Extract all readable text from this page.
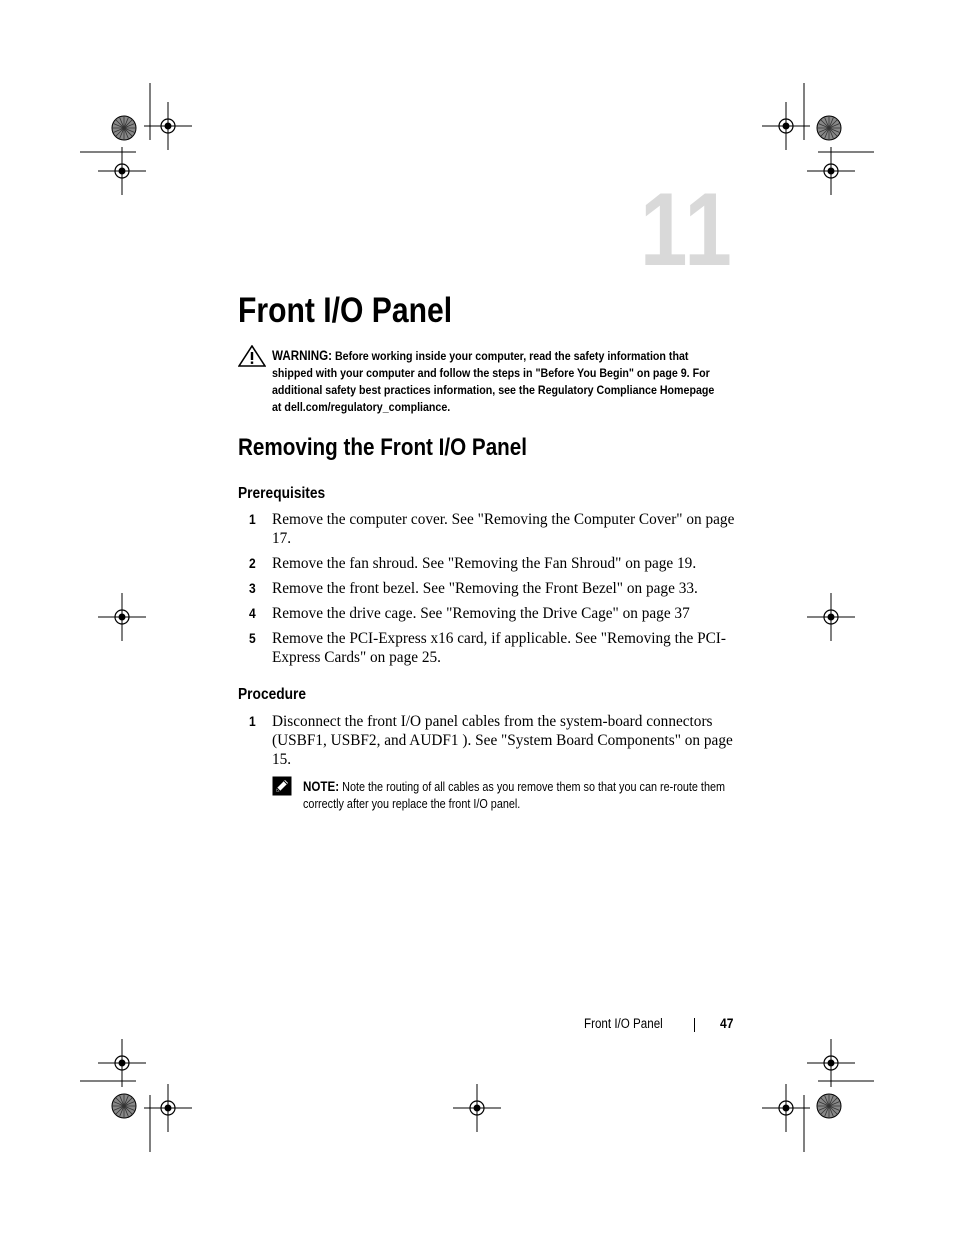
11
Front I/O Panel
WARNING: Before working inside your computer, read the safety information that shipped with your computer and follow the steps in "Before You Begin" on page 9. For additional safety best practices information, see the Regulatory Compliance Homepage at dell.com/regulatory_compliance.
Removing the Front I/O Panel
Prerequisites
1 Remove the computer cover. See "Removing the Computer Cover" on page 17.
2 Remove the fan shroud. See "Removing the Fan Shroud" on page 19.
3 Remove the front bezel. See "Removing the Front Bezel" on page 33.
4 Remove the drive cage. See "Removing the Drive Cage" on page 37
5 Remove the PCI-Express x16 card, if applicable. See "Removing the PCI-Express Cards" on page 25.
Procedure
1 Disconnect the front I/O panel cables from the system-board connectors (USBF1, USBF2, and AUDF1 ). See "System Board Components" on page 15.
NOTE: Note the routing of all cables as you remove them so that you can re-route them correctly after you replace the front I/O panel.
Front I/O Panel	47
